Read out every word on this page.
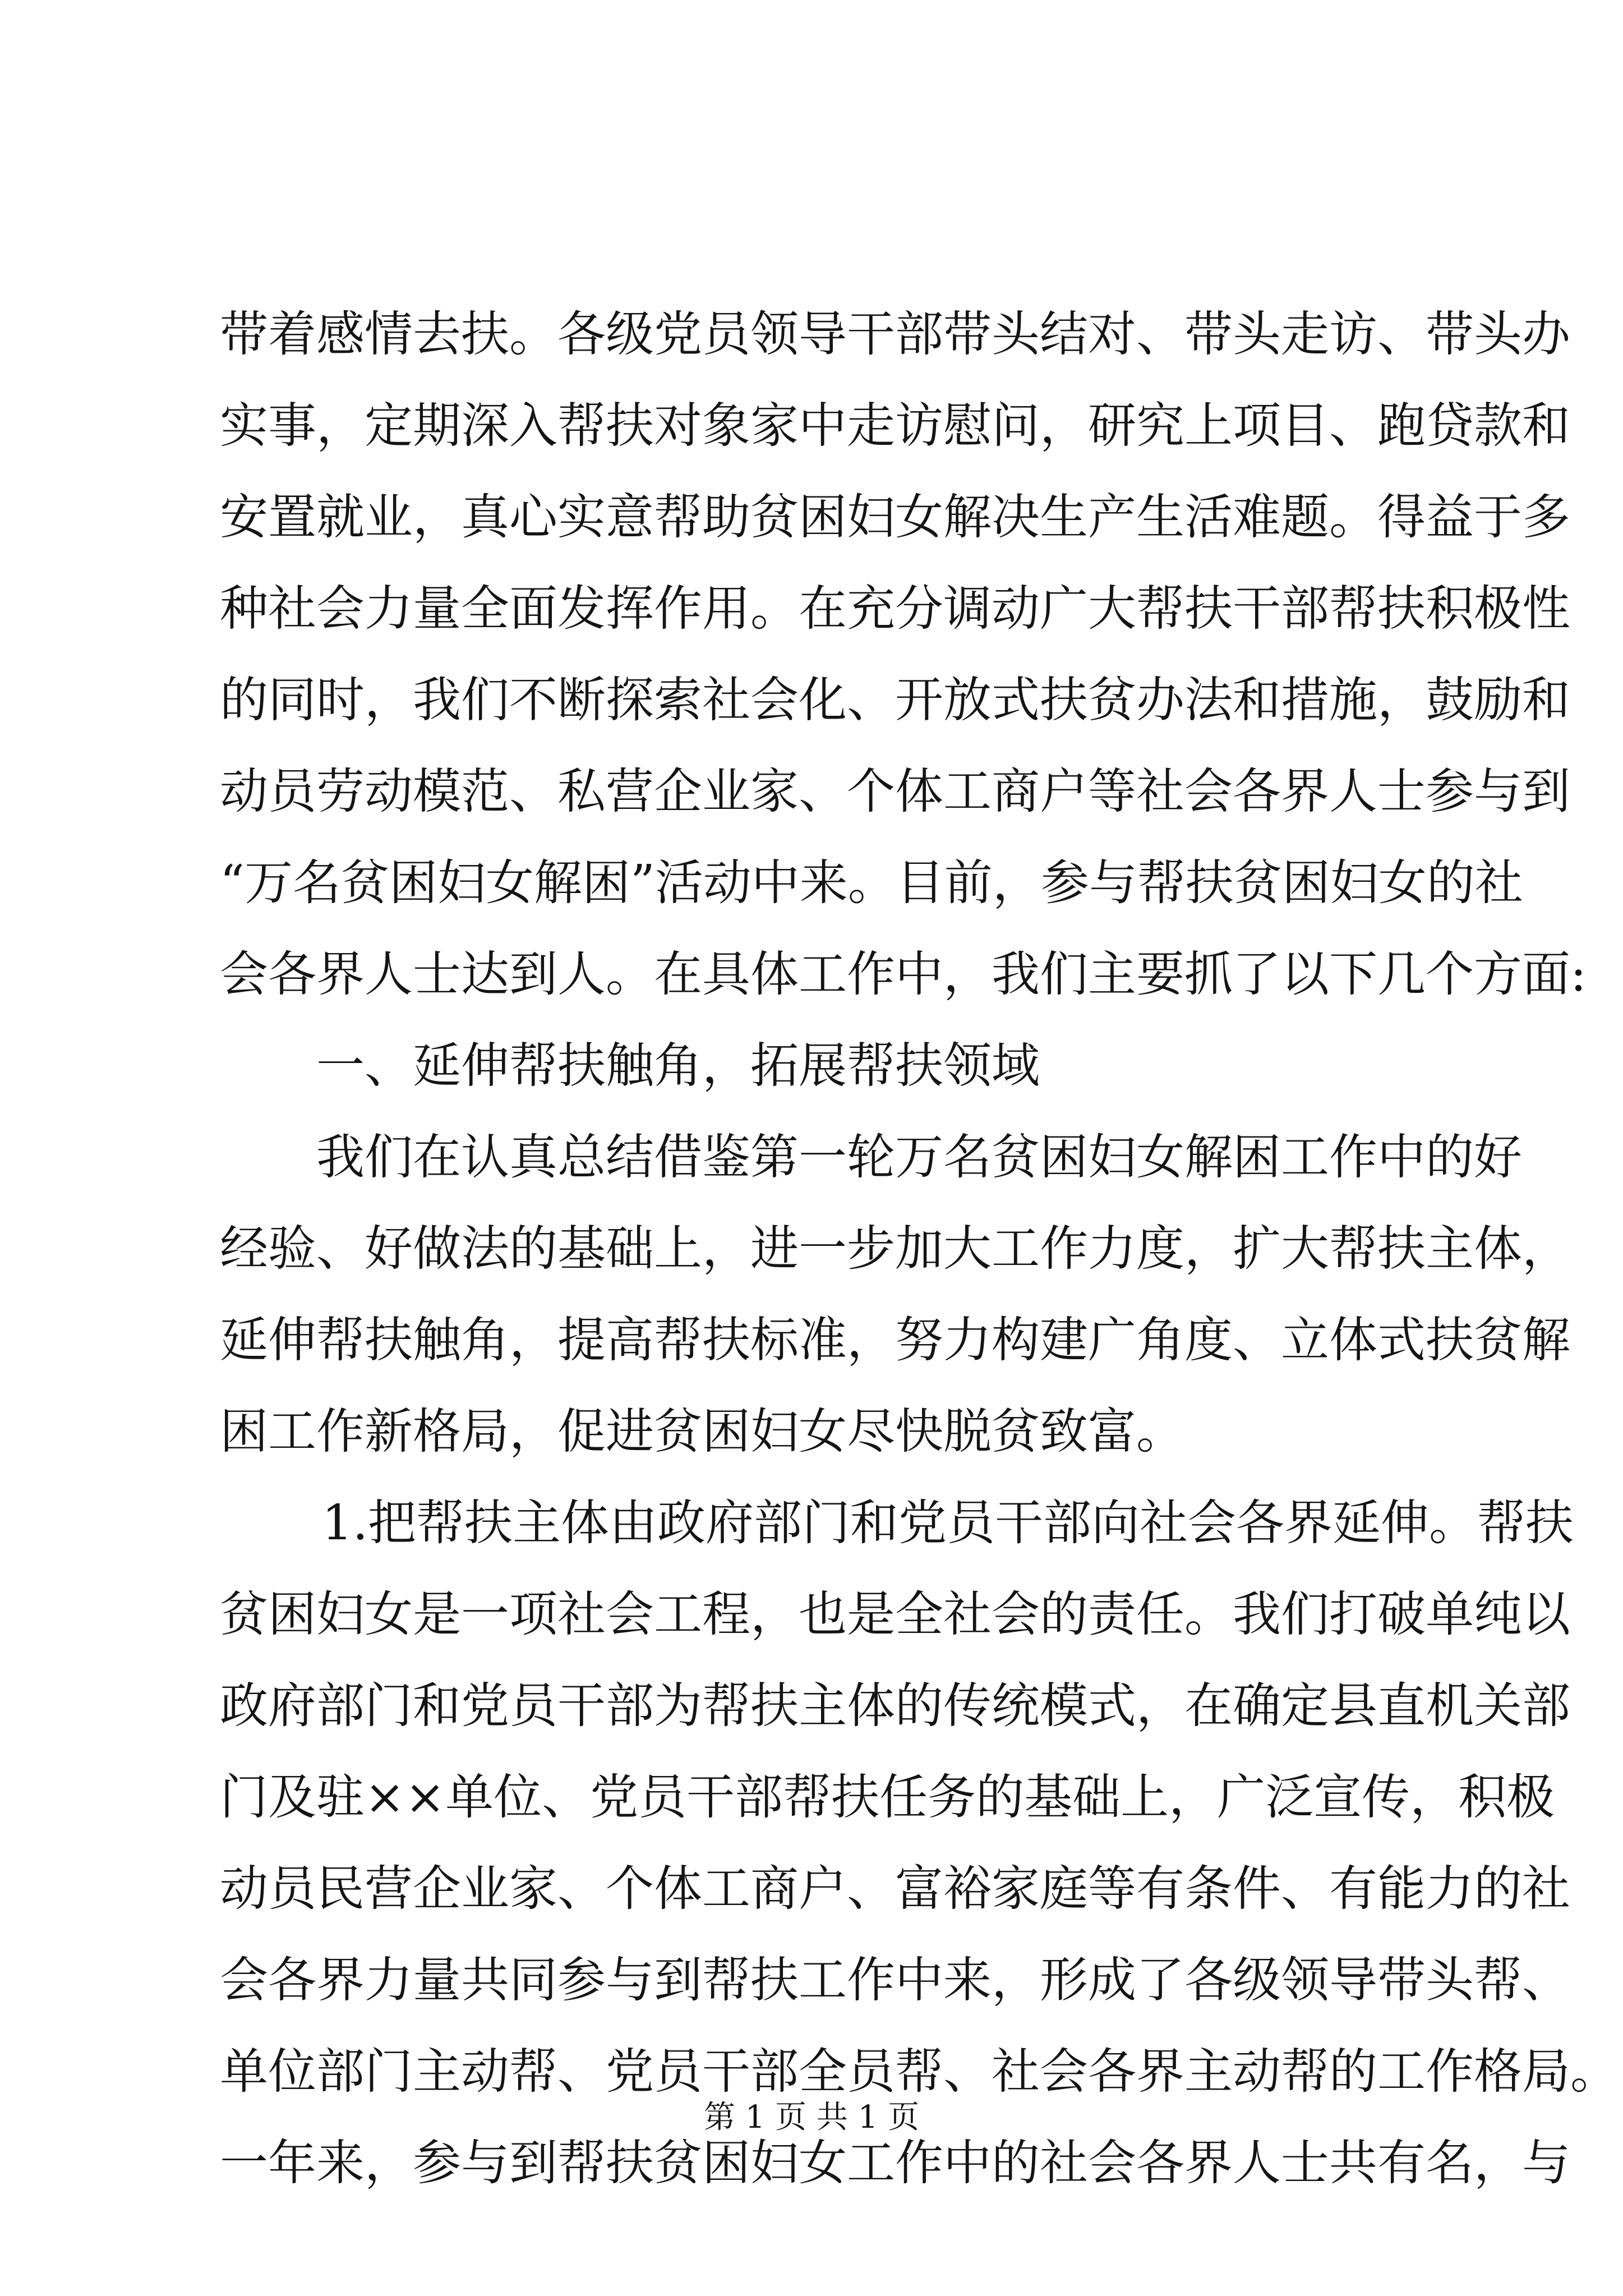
带着感情去扶。各级党员领导干部带头结对、带头走访、带头办
实事，定期深入帮扶对象家中走访慰问，研究上项目、跑贷款和
安置就业，真心实意帮助贫困妇女解决生产生活难题。得益于多
种社会力量全面发挥作用。在充分调动广大帮扶干部帮扶积极性
的同时，我们不断探索社会化、开放式扶贫办法和措施，鼓励和
动员劳动模范、私营企业家、个体工商户等社会各界人士参与到
“万名贫困妇女解困”活动中来。目前，参与帮扶贫困妇女的社
会各界人士达到人。在具体工作中，我们主要抓了以下几个方面:
一、延伸帮扶触角，拓展帮扶领域
我们在认真总结借鉴第一轮万名贫困妇女解困工作中的好
经验、好做法的基础上，进一步加大工作力度，扩大帮扶主体，
延伸帮扶触角，提高帮扶标准，努力构建广角度、立体式扶贫解
困工作新格局，促进贫困妇女尽快脱贫致富。
1.把帮扶主体由政府部门和党员干部向社会各界延伸。帮扶
贫困妇女是一项社会工程，也是全社会的责任。我们打破单纯以
政府部门和党员干部为帮扶主体的传统模式，在确定县直机关部
门及驻××单位、党员干部帮扶任务的基础上，广泛宣传，积极
动员民营企业家、个体工商户、富裕家庭等有条件、有能力的社
会各界力量共同参与到帮扶工作中来，形成了各级领导带头帮、
单位部门主动帮、党员干部全员帮、社会各界主动帮的工作格局。
一年来，参与到帮扶贫困妇女工作中的社会各界人士共有名，与
第 1 页 共 1 页
